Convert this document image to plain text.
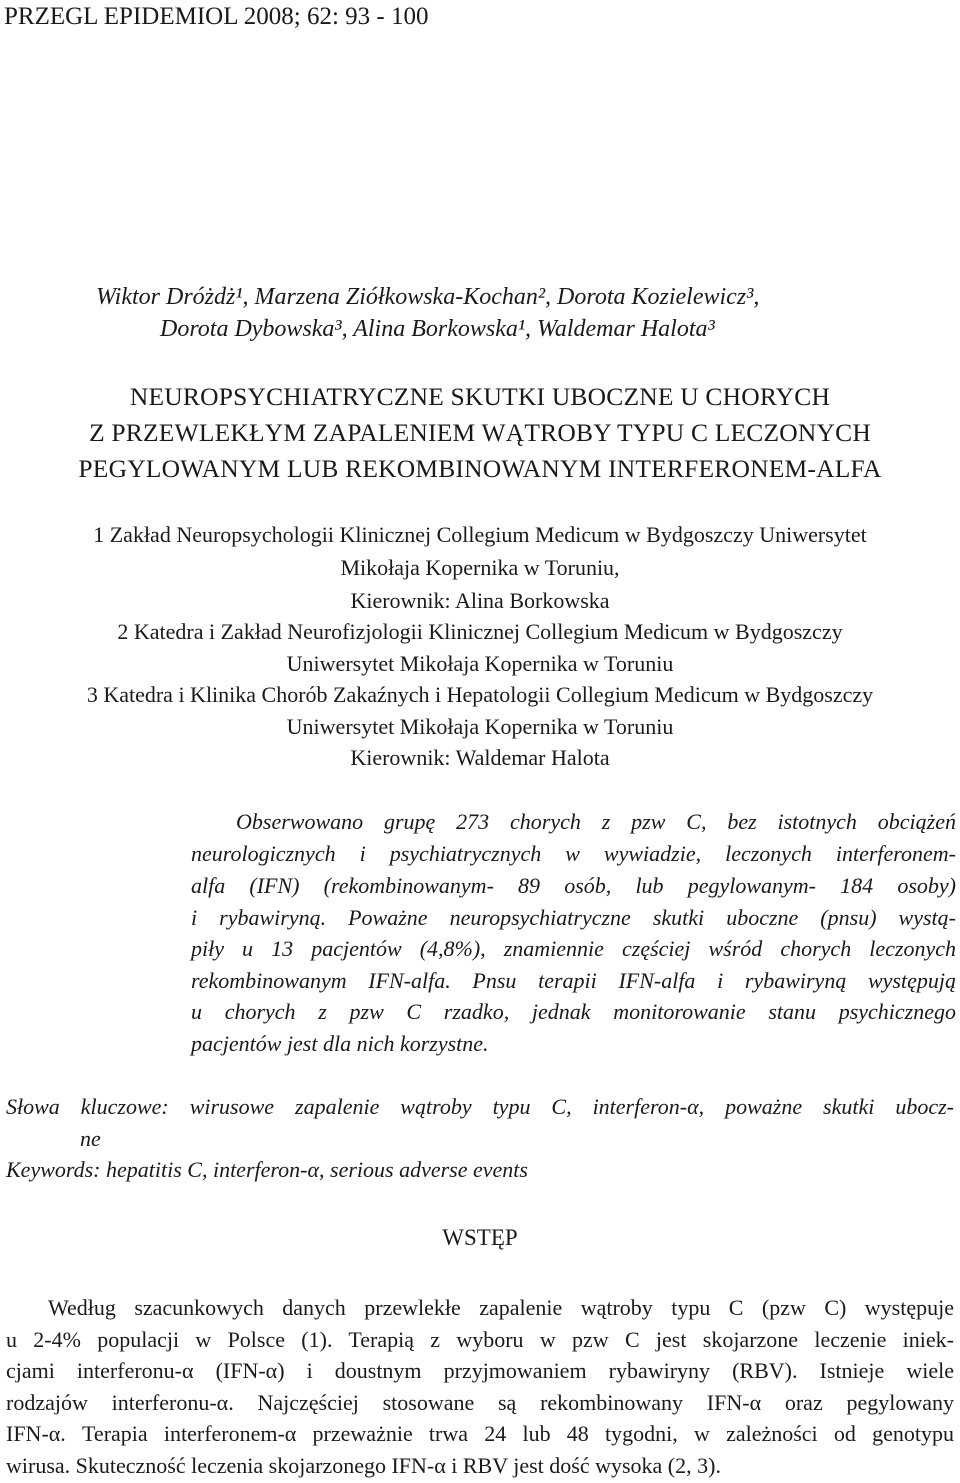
PRZEGL EPIDEMIOL 2008; 62: 93 - 100
Wiktor Dróżdż¹, Marzena Ziółkowska-Kochan², Dorota Kozielewicz³,
Dorota Dybowska³, Alina Borkowska¹, Waldemar Halota³
NEUROPSYCHIATRYCZNE SKUTKI UBOCZNE U CHORYCH
Z PRZEWLEKŁYM ZAPALENIEM WĄTROBY TYPU C LECZONYCH
PEGYLOWANYM LUB REKOMBINOWANYM INTERFERONEM-ALFA
1 Zakład Neuropsychologii Klinicznej Collegium Medicum w Bydgoszczy Uniwersytet
Mikołaja Kopernika w Toruniu,
Kierownik: Alina Borkowska
2 Katedra i Zakład Neurofizjologii Klinicznej Collegium Medicum w Bydgoszczy
Uniwersytet Mikołaja Kopernika w Toruniu
3 Katedra i Klinika Chorób Zakaźnych i Hepatologii Collegium Medicum w Bydgoszczy
Uniwersytet Mikołaja Kopernika w Toruniu
Kierownik: Waldemar Halota
Obserwowano grupę 273 chorych z pzw C, bez istotnych obciążeń
neurologicznych i psychiatrycznych w wywiadzie, leczonych interferonem-
alfa (IFN) (rekombinowanym- 89 osób, lub pegylowanym- 184 osoby)
i rybawiryną. Poważne neuropsychiatryczne skutki uboczne (pnsu) wystą-
piły u 13 pacjentów (4,8%), znamiennie częściej wśród chorych leczonych
rekombinowanym IFN-alfa. Pnsu terapii IFN-alfa i rybawiryną występują
u chorych z pzw C rzadko, jednak monitorowanie stanu psychicznego
pacjentów jest dla nich korzystne.
Słowa kluczowe: wirusowe zapalenie wątroby typu C, interferon-α, poważne skutki ubocz-
ne
Keywords: hepatitis C, interferon-α, serious adverse events
WSTĘP
Według szacunkowych danych przewlekłe zapalenie wątroby typu C (pzw C) występuje
u 2-4% populacji w Polsce (1). Terapią z wyboru w pzw C jest skojarzone leczenie iniek-
cjami interferonu-α (IFN-α) i doustnym przyjmowaniem rybawiryny (RBV). Istnieje wiele
rodzajów interferonu-α. Najczęściej stosowane są rekombinowany IFN-α oraz pegylowany
IFN-α. Terapia interferonem-α przeważnie trwa 24 lub 48 tygodni, w zależności od genotypu
wirusa. Skuteczność leczenia skojarzonego IFN-α i RBV jest dość wysoka (2, 3).
